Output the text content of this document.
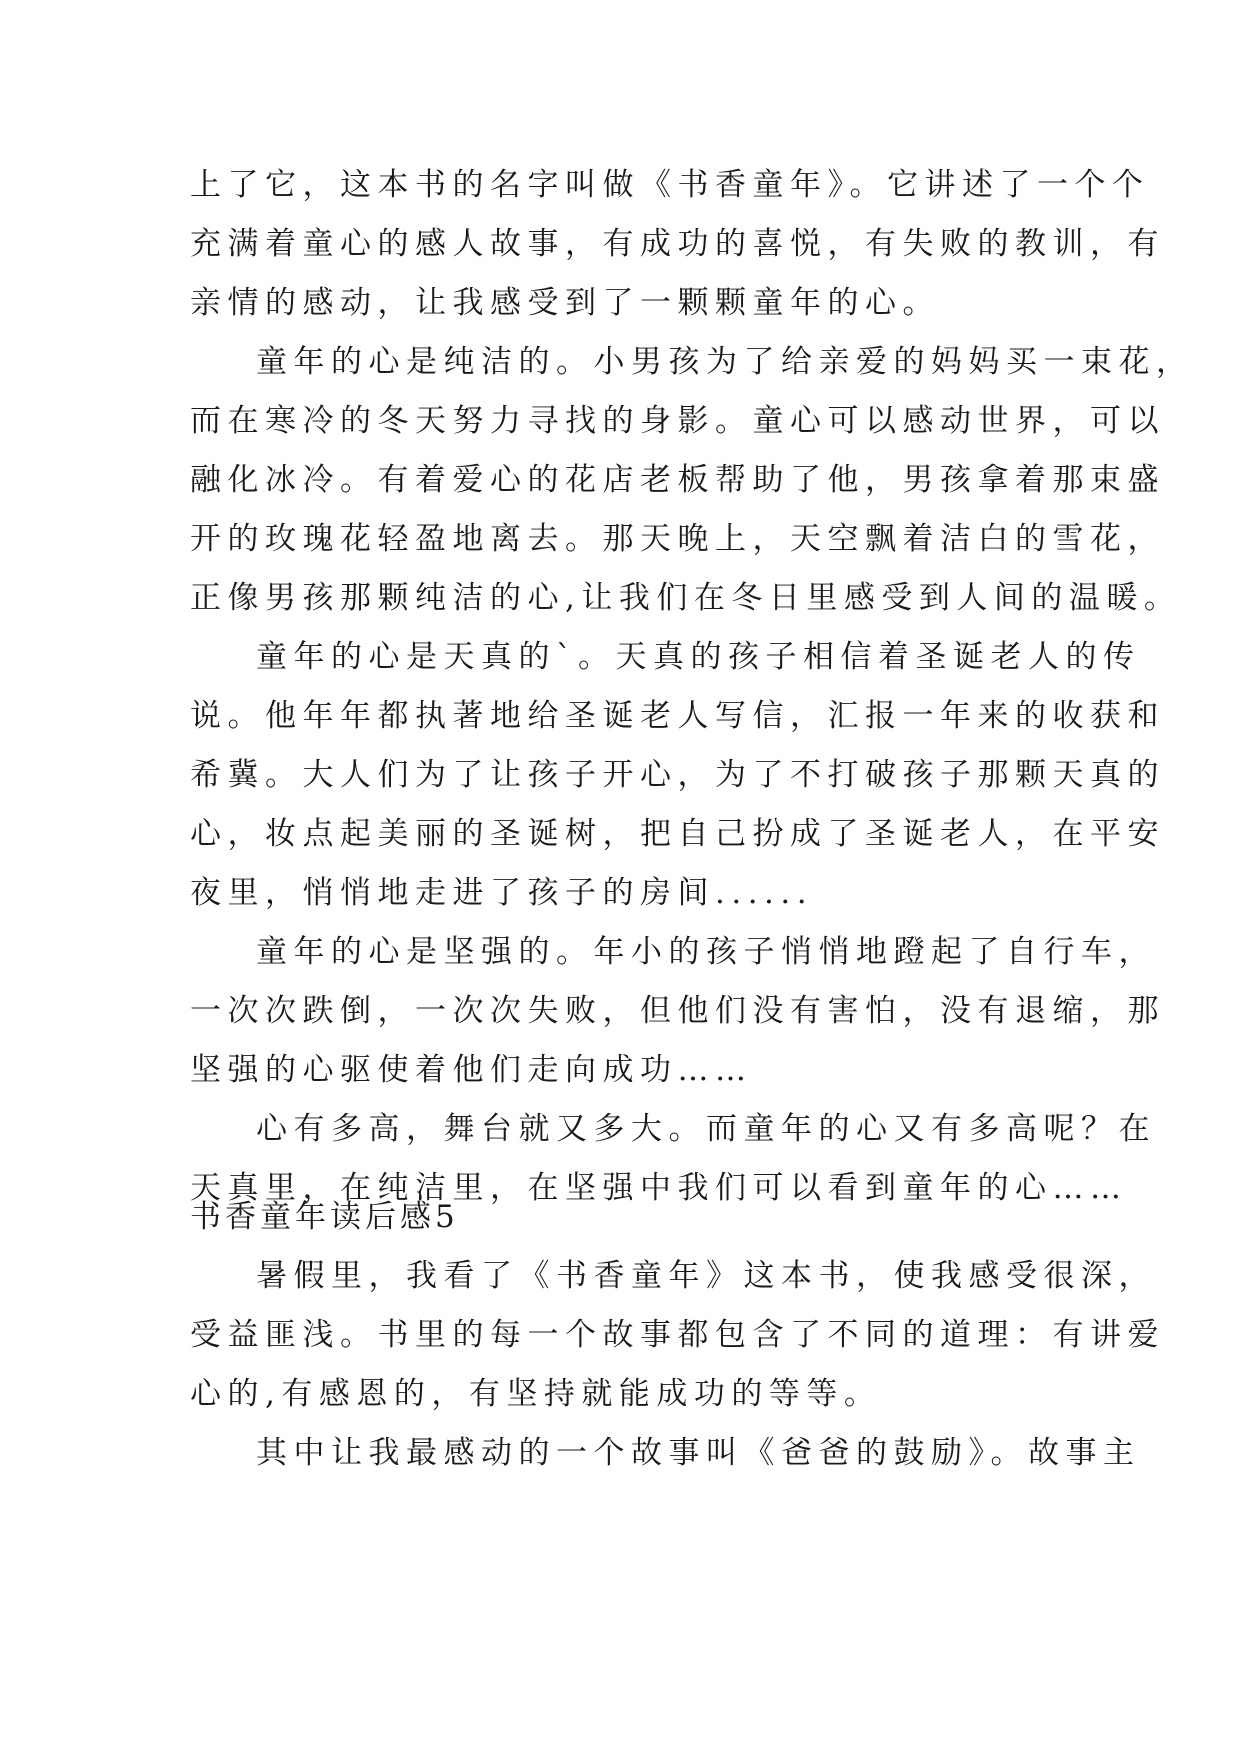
上了它，这本书的名字叫做《书香童年》。它讲述了一个个
充满着童心的感人故事，有成功的喜悦，有失败的教训，有
亲情的感动，让我感受到了一颗颗童年的心。
童年的心是纯洁的。小男孩为了给亲爱的妈妈买一束花，
而在寒冷的冬天努力寻找的身影。童心可以感动世界，可以
融化冰冷。有着爱心的花店老板帮助了他，男孩拿着那束盛
开的玫瑰花轻盈地离去。那天晚上，天空飘着洁白的雪花，
正像男孩那颗纯洁的心,让我们在冬日里感受到人间的温暖。
童年的心是天真的`。天真的孩子相信着圣诞老人的传
说。他年年都执著地给圣诞老人写信，汇报一年来的收获和
希冀。大人们为了让孩子开心，为了不打破孩子那颗天真的
心，妆点起美丽的圣诞树，把自己扮成了圣诞老人，在平安
夜里，悄悄地走进了孩子的房间......
童年的心是坚强的。年小的孩子悄悄地蹬起了自行车，
一次次跌倒，一次次失败，但他们没有害怕，没有退缩，那
坚强的心驱使着他们走向成功……
心有多高，舞台就又多大。而童年的心又有多高呢？在
天真里，在纯洁里，在坚强中我们可以看到童年的心……
书香童年读后感5
暑假里，我看了《书香童年》这本书，使我感受很深，
受益匪浅。书里的每一个故事都包含了不同的道理：有讲爱
心的,有感恩的，有坚持就能成功的等等。
其中让我最感动的一个故事叫《爸爸的鼓励》。故事主
